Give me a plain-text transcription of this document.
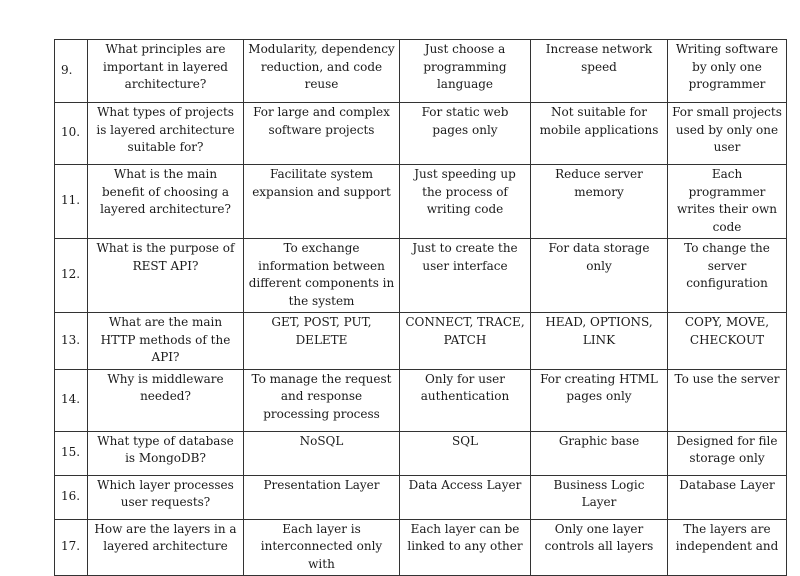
9.	What principles are important in layered architecture?	Modularity, dependency reduction, and code reuse	Just choose a programming language	Increase network speed	Writing software by only one programmer
10.	What types of projects is layered architecture suitable for?	For large and complex software projects	For static web pages only	Not suitable for mobile applications	For small projects used by only one user
11.	What is the main benefit of choosing a layered architecture?	Facilitate system expansion and support	Just speeding up the process of writing code	Reduce server memory	Each programmer writes their own code
12.	What is the purpose of REST API?	To exchange information between different components in the system	Just to create the user interface	For data storage only	To change the server configuration
13.	What are the main HTTP methods of the API?	GET, POST, PUT, DELETE	CONNECT, TRACE, PATCH	HEAD, OPTIONS, LINK	COPY, MOVE, CHECKOUT
14.	Why is middleware needed?	To manage the request and response processing process	Only for user authentication	For creating HTML pages only	To use the server
15.	What type of database is MongoDB?	NoSQL	SQL	Graphic base	Designed for file storage only
16.	Which layer processes user requests?	Presentation Layer	Data Access Layer	Business Logic Layer	Database Layer
17.	How are the layers in a layered architecture	Each layer is interconnected only with	Each layer can be linked to any other	Only one layer controls all layers	The layers are independent and
